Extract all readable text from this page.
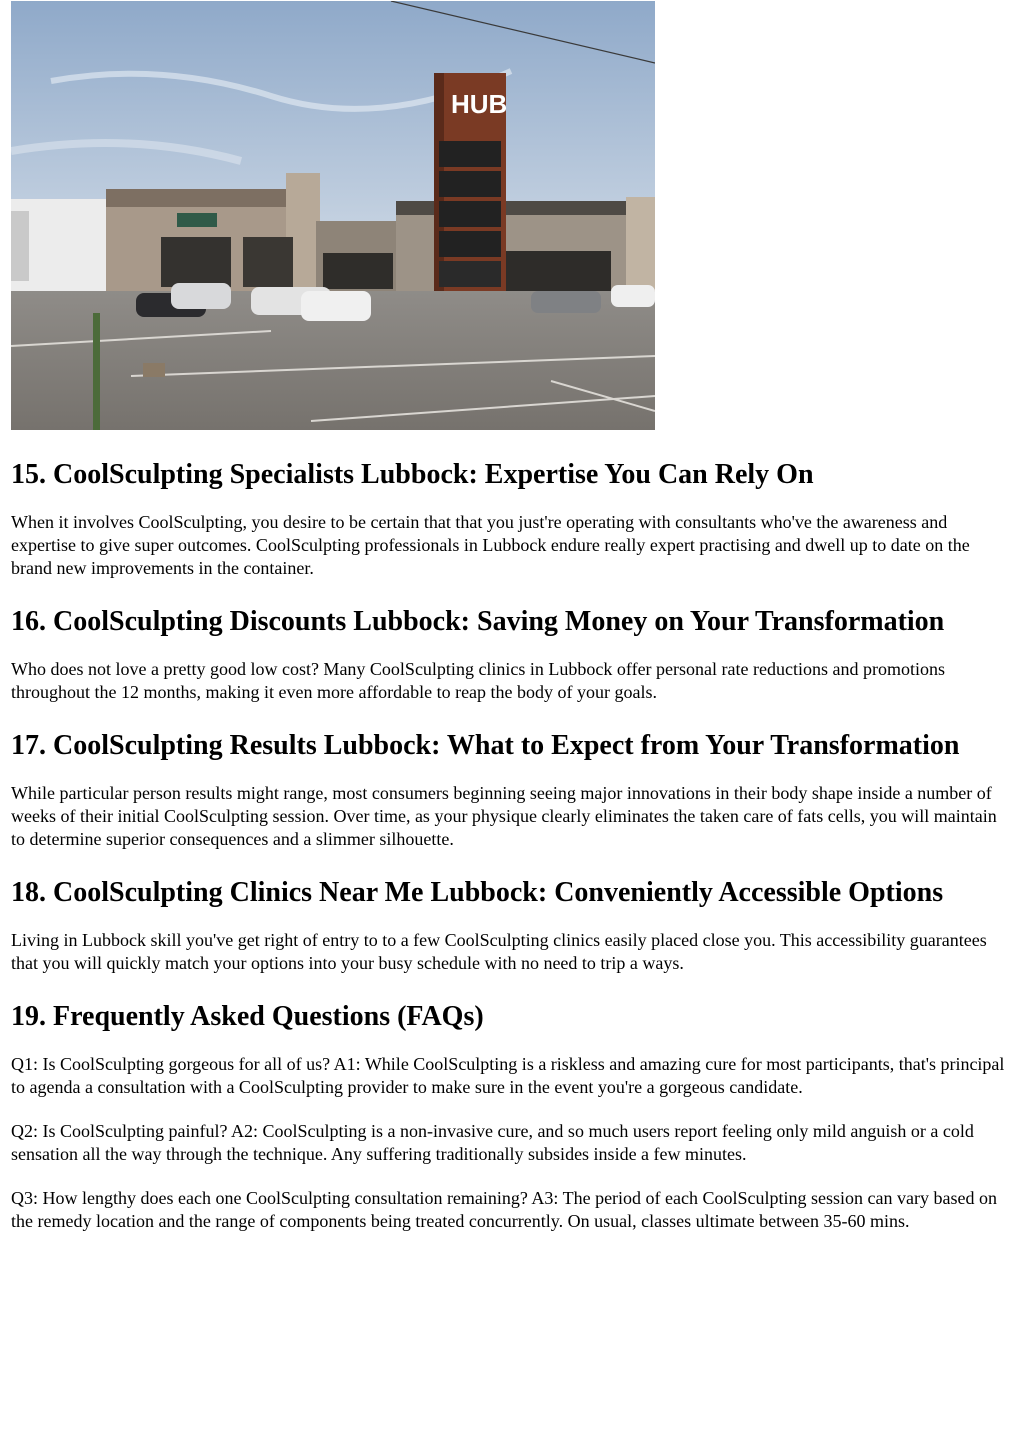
HUB
15. CoolSculpting Specialists Lubbock: Expertise You Can Rely On

When it involves CoolSculpting, you desire to be certain that that you just're operating with consultants who've the awareness and expertise to give super outcomes. CoolSculpting professionals in Lubbock endure really expert practising and dwell up to date on the brand new improvements in the container.

16. CoolSculpting Discounts Lubbock: Saving Money on Your Transformation

Who does not love a pretty good low cost? Many CoolSculpting clinics in Lubbock offer personal rate reductions and promotions throughout the 12 months, making it even more affordable to reap the body of your goals.

17. CoolSculpting Results Lubbock: What to Expect from Your Transformation

While particular person results might range, most consumers beginning seeing major innovations in their body shape inside a number of weeks of their initial CoolSculpting session. Over time, as your physique clearly eliminates the taken care of fats cells, you will maintain to determine superior consequences and a slimmer silhouette.

18. CoolSculpting Clinics Near Me Lubbock: Conveniently Accessible Options

Living in Lubbock skill you've get right of entry to to a few CoolSculpting clinics easily placed close you. This accessibility guarantees that you will quickly match your options into your busy schedule with no need to trip a ways.

19. Frequently Asked Questions (FAQs)

Q1: Is CoolSculpting gorgeous for all of us? A1: While CoolSculpting is a riskless and amazing cure for most participants, that's principal to agenda a consultation with a CoolSculpting provider to make sure in the event you're a gorgeous candidate.

Q2: Is CoolSculpting painful? A2: CoolSculpting is a non-invasive cure, and so much users report feeling only mild anguish or a cold sensation all the way through the technique. Any suffering traditionally subsides inside a few minutes.

Q3: How lengthy does each one CoolSculpting consultation remaining? A3: The period of each CoolSculpting session can vary based on the remedy location and the range of components being treated concurrently. On usual, classes ultimate between 35-60 mins.
